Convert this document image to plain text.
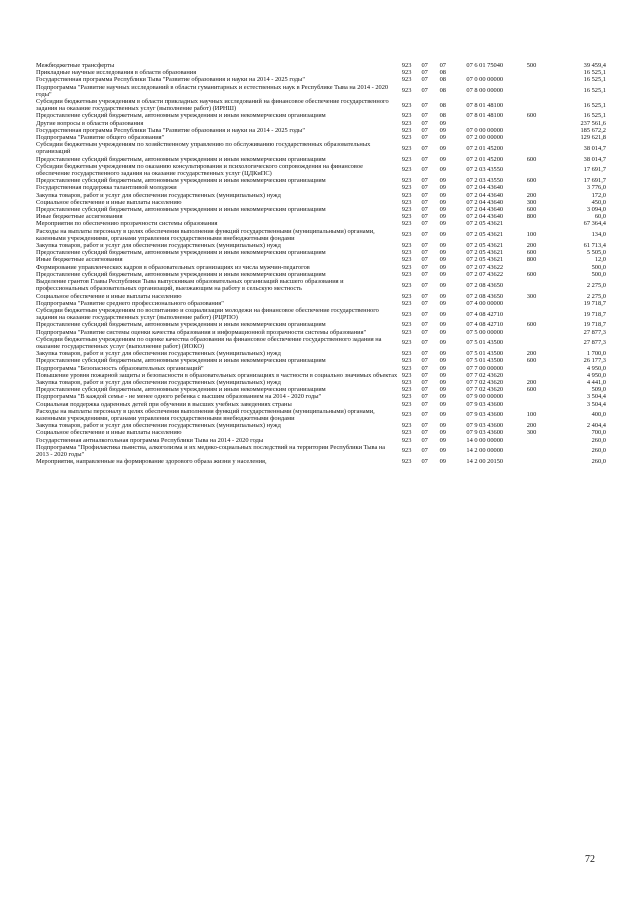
Межбюджетные трансферты	923	07	07	07 6 01 75040	500	39 459,4
Прикладные научные исследования в области образования	923	07	08			16 525,1
Государственная программа Республики Тыва "Развитие образования и науки на 2014 - 2025 годы"	923	07	08	07 0 00 00000		16 525,1
Подпрограмма "Развитие научных исследований в области гуманитарных и естественных наук в Республике Тыва на 2014 - 2020 годы"	923	07	08	07 8 00 00000		16 525,1
Субсидии бюджетным учреждениям в области прикладных научных исследований на финансовое обеспечение государственного задания на оказание государственных услуг (выполнение работ) (ИРНШ)	923	07	08	07 8 01 48100		16 525,1
Предоставление субсидий бюджетным, автономным учреждениям и иным некоммерческим организациям	923	07	08	07 8 01 48100	600	16 525,1
Другие вопросы в области образования	923	07	09			237 561,6
Государственная программа Республики Тыва "Развитие образования и науки на 2014 - 2025 годы"	923	07	09	07 0 00 00000		185 672,2
Подпрограмма "Развитие общего образования"	923	07	09	07 2 00 00000		129 621,8
Субсидии бюджетным учреждениям по хозяйственному управлению по обслуживанию государственных образовательных организаций	923	07	09	07 2 01 45200		38 014,7
Предоставление субсидий бюджетным, автономным учреждениям и иным некоммерческим организациям	923	07	09	07 2 01 45200	600	38 014,7
Субсидии бюджетным учреждениям по оказанию консультирования и психологического сопровождения на финансовое обеспечение государственного задания на оказание государственных услуг (ЦДКиПС)	923	07	09	07 2 03 43550		17 691,7
Предоставление субсидий бюджетным, автономным учреждениям и иным некоммерческим организациям	923	07	09	07 2 03 43550	600	17 691,7
Государственная поддержка талантливой молодежи	923	07	09	07 2 04 43640		3 776,0
Закупка товаров, работ и услуг для обеспечения государственных (муниципальных) нужд	923	07	09	07 2 04 43640	200	172,0
Социальное обеспечение и иные выплаты населению	923	07	09	07 2 04 43640	300	450,0
Предоставление субсидий бюджетным, автономным учреждениям и иным некоммерческим организациям	923	07	09	07 2 04 43640	600	3 094,0
Иные бюджетные ассигнования	923	07	09	07 2 04 43640	800	60,0
Мероприятия по обеспечению прозрачности системы образования	923	07	09	07 2 05 43621		67 364,4
Расходы на выплаты персоналу в целях обеспечения выполнения функций государственными (муниципальными) органами, казенными учреждениями, органами управления государственными внебюджетными фондами	923	07	09	07 2 05 43621	100	134,0
Закупка товаров, работ и услуг для обеспечения государственных (муниципальных) нужд	923	07	09	07 2 05 43621	200	61 713,4
Предоставление субсидий бюджетным, автономным учреждениям и иным некоммерческим организациям	923	07	09	07 2 05 43621	600	5 505,0
Иные бюджетные ассигнования	923	07	09	07 2 05 43621	800	12,0
Формирование управленческих кадров в образовательных организациях из числа мужчин-педагогов	923	07	09	07 2 07 43622		500,0
Предоставление субсидий бюджетным, автономным учреждениям и иным некоммерческим организациям	923	07	09	07 2 07 43622	600	500,0
Выделение грантов Главы Республики Тыва выпускникам образовательных организаций высшего образования и профессиональных образовательных организаций, выезжающим на работу в сельскую местность	923	07	09	07 2 08 43650		2 275,0
Социальное обеспечение и иные выплаты населению	923	07	09	07 2 08 43650	300	2 275,0
Подпрограмма "Развитие среднего профессионального образования"	923	07	09	07 4 00 00000		19 718,7
Субсидии бюджетным учреждениям по воспитанию и социализации молодежи на финансовое обеспечение государственного задания на оказание государственных услуг (выполнение работ) (РЦРПО)	923	07	09	07 4 08 42710		19 718,7
Предоставление субсидий бюджетным, автономным учреждениям и иным некоммерческим организациям	923	07	09	07 4 08 42710	600	19 718,7
Подпрограмма "Развитие системы оценки качества образования и информационной прозрачности системы образования"	923	07	09	07 5 00 00000		27 877,3
Субсидии бюджетным учреждениям по оценке качества образования на финансовое обеспечение государственного задания на оказание государственных услуг (выполнение работ) (ИОКО)	923	07	09	07 5 01 43500		27 877,3
Закупка товаров, работ и услуг для обеспечения государственных (муниципальных) нужд	923	07	09	07 5 01 43500	200	1 700,0
Предоставление субсидий бюджетным, автономным учреждениям и иным некоммерческим организациям	923	07	09	07 5 01 43500	600	26 177,3
Подпрограмма "Безопасность образовательных организаций"	923	07	09	07 7 00 00000		4 950,0
Повышение уровня пожарной защиты и безопасности в образовательных организациях в частности в социально значимых объектах	923	07	09	07 7 02 43620		4 950,0
Закупка товаров, работ и услуг для обеспечения государственных (муниципальных) нужд	923	07	09	07 7 02 43620	200	4 441,0
Предоставление субсидий бюджетным, автономным учреждениям и иным некоммерческим организациям	923	07	09	07 7 02 43620	600	509,0
Подпрограмма "В каждой семье - не менее одного ребенка с высшим образованием на 2014 - 2020 годы"	923	07	09	07 9 00 00000		3 504,4
Социальная поддержка одаренных детей при обучении в высших учебных заведениях страны	923	07	09	07 9 03 43600		3 504,4
Расходы на выплаты персоналу в целях обеспечения выполнения функций государственными (муниципальными) органами, казенными учреждениями, органами управления государственными внебюджетными фондами	923	07	09	07 9 03 43600	100	400,0
Закупка товаров, работ и услуг для обеспечения государственных (муниципальных) нужд	923	07	09	07 9 03 43600	200	2 404,4
Социальное обеспечение и иные выплаты населению	923	07	09	07 9 03 43600	300	700,0
Государственная антиалкогольная программа Республики Тыва на 2014 - 2020 годы	923	07	09	14 0 00 00000		260,0
Подпрограмма "Профилактика пьянства, алкоголизма и их медико-социальных последствий на территории Республики Тыва на 2013 - 2020 годы"	923	07	09	14 2 00 00000		260,0
Мероприятия, направленные на формирование здорового образа жизни у населения,	923	07	09	14 2 00 20150		260,0
72
